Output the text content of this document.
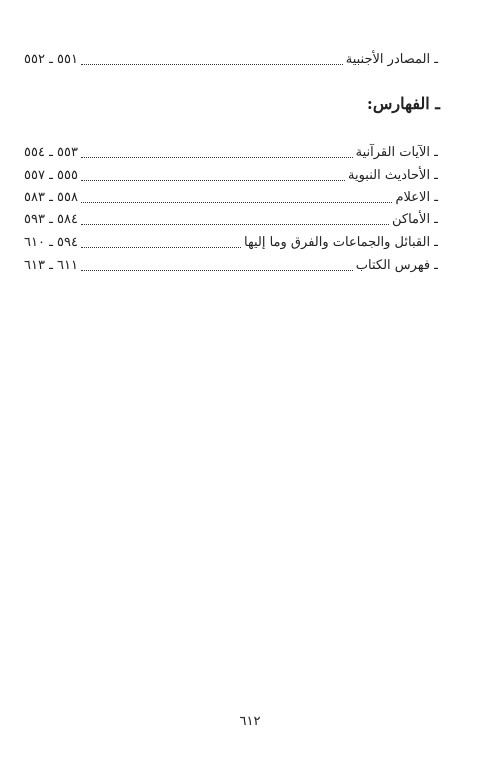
ـ المصادر الأجنبية
٥٥١ ـ ٥٥٢
ـ الفهارس:
ـ الآيات القرآنية
٥٥٣ ـ ٥٥٤
ـ الأحاديث النبوية
٥٥٥ ـ ٥٥٧
ـ الاعلام
٥٥٨ ـ ٥٨٣
ـ الأماكن
٥٨٤ ـ ٥٩٣
ـ القبائل والجماعات والفرق وما إليها
٥٩٤ ـ ٦١٠
ـ فهرس الكتاب
٦١١ ـ ٦١٣
٦١٢
